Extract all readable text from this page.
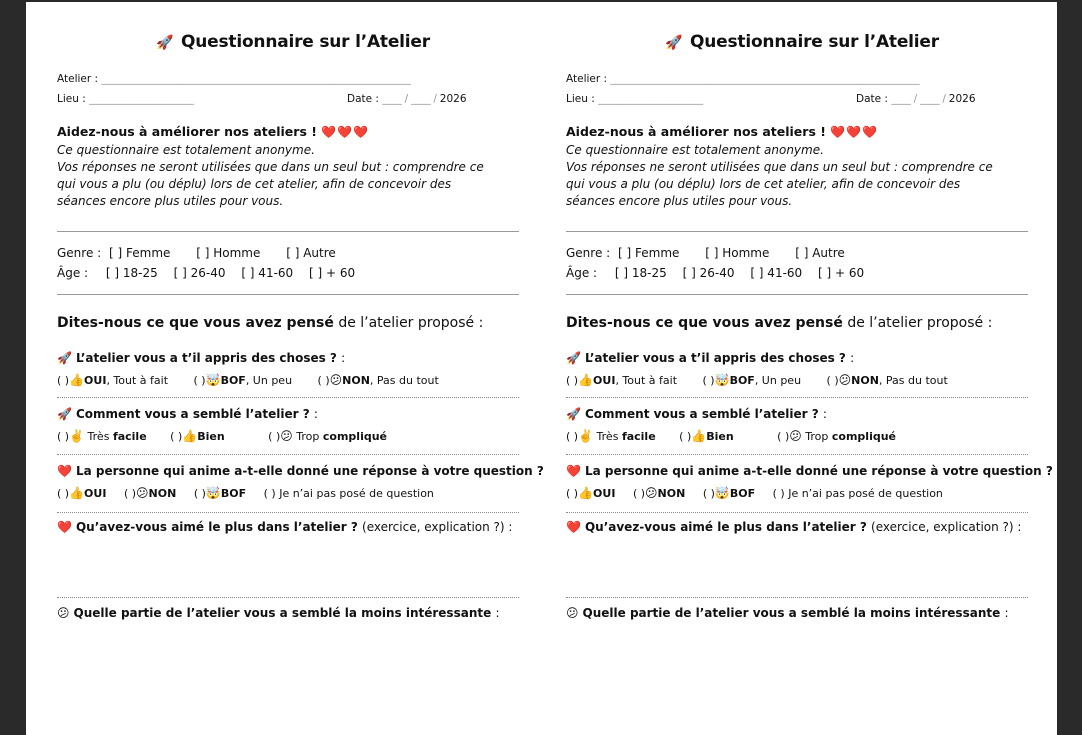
🚀 Questionnaire sur l’Atelier
Atelier : _________________________________________________________________
Lieu : ______________________	Date : ____ / ____ / 2026
Aidez-nous à améliorer nos ateliers ! ❤️❤️❤️
Ce questionnaire est totalement anonyme.
Vos réponses ne seront utilisées que dans un seul but : comprendre ce
qui vous a plu (ou déplu) lors de cet atelier, afin de concevoir des
séances encore plus utiles pour vous.
Genre : [ ] Femme [ ] Homme [ ] Autre
Âge : [ ] 18-25 [ ] 26-40 [ ] 41-60 [ ] + 60
Dites-nous ce que vous avez pensé de l’atelier proposé :
🚀 L’atelier vous a t’il appris des choses ? :
( )👍OUI, Tout à fait ( )🤯BOF, Un peu ( )😕NON, Pas du tout
🚀 Comment vous a semblé l’atelier ? :
( )✌️ Très facile ( )👍Bien	( )😕 Trop compliqué
❤️ La personne qui anime a-t-elle donné une réponse à votre question ?
( )👍OUI ( )😕NON ( )🤯BOF ( ) Je n’ai pas posé de question
❤️ Qu’avez-vous aimé le plus dans l’atelier ? (exercice, explication ?) :
😕 Quelle partie de l’atelier vous a semblé la moins intéressante :
🚀 Questionnaire sur l’Atelier
Atelier : _________________________________________________________________
Lieu : ______________________	Date : ____ / ____ / 2026
Aidez-nous à améliorer nos ateliers ! ❤️❤️❤️
Ce questionnaire est totalement anonyme.
Vos réponses ne seront utilisées que dans un seul but : comprendre ce
qui vous a plu (ou déplu) lors de cet atelier, afin de concevoir des
séances encore plus utiles pour vous.
Genre : [ ] Femme [ ] Homme [ ] Autre
Âge : [ ] 18-25 [ ] 26-40 [ ] 41-60 [ ] + 60
Dites-nous ce que vous avez pensé de l’atelier proposé :
🚀 L’atelier vous a t’il appris des choses ? :
( )👍OUI, Tout à fait ( )🤯BOF, Un peu ( )😕NON, Pas du tout
🚀 Comment vous a semblé l’atelier ? :
( )✌️ Très facile ( )👍Bien	( )😕 Trop compliqué
❤️ La personne qui anime a-t-elle donné une réponse à votre question ?
( )👍OUI ( )😕NON ( )🤯BOF ( ) Je n’ai pas posé de question
❤️ Qu’avez-vous aimé le plus dans l’atelier ? (exercice, explication ?) :
😕 Quelle partie de l’atelier vous a semblé la moins intéressante :
